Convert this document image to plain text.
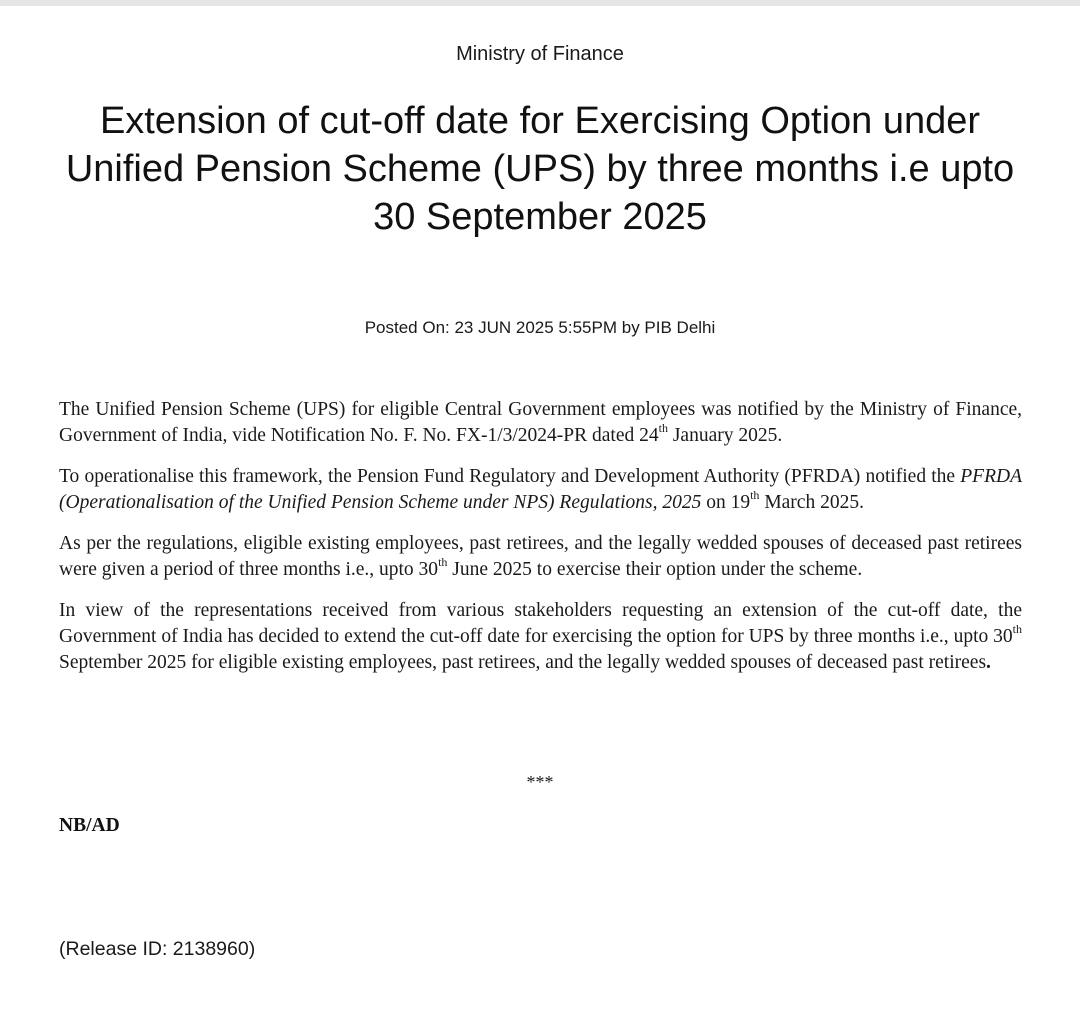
Ministry of Finance
Extension of cut-off date for Exercising Option under Unified Pension Scheme (UPS) by three months i.e upto 30 September 2025
Posted On: 23 JUN 2025 5:55PM by PIB Delhi

The Unified Pension Scheme (UPS) for eligible Central Government employees was notified by the Ministry of Finance, Government of India, vide Notification No. F. No. FX-1/3/2024-PR dated 24th January 2025.

To operationalise this framework, the Pension Fund Regulatory and Development Authority (PFRDA) notified the PFRDA (Operationalisation of the Unified Pension Scheme under NPS) Regulations, 2025 on 19th March 2025.

As per the regulations, eligible existing employees, past retirees, and the legally wedded spouses of deceased past retirees were given a period of three months i.e., upto 30th June 2025 to exercise their option under the scheme.

In view of the representations received from various stakeholders requesting an extension of the cut-off date, the Government of India has decided to extend the cut-off date for exercising the option for UPS by three months i.e., upto 30th September 2025 for eligible existing employees, past retirees, and the legally wedded spouses of deceased past retirees.

***
NB/AD
(Release ID: 2138960)
